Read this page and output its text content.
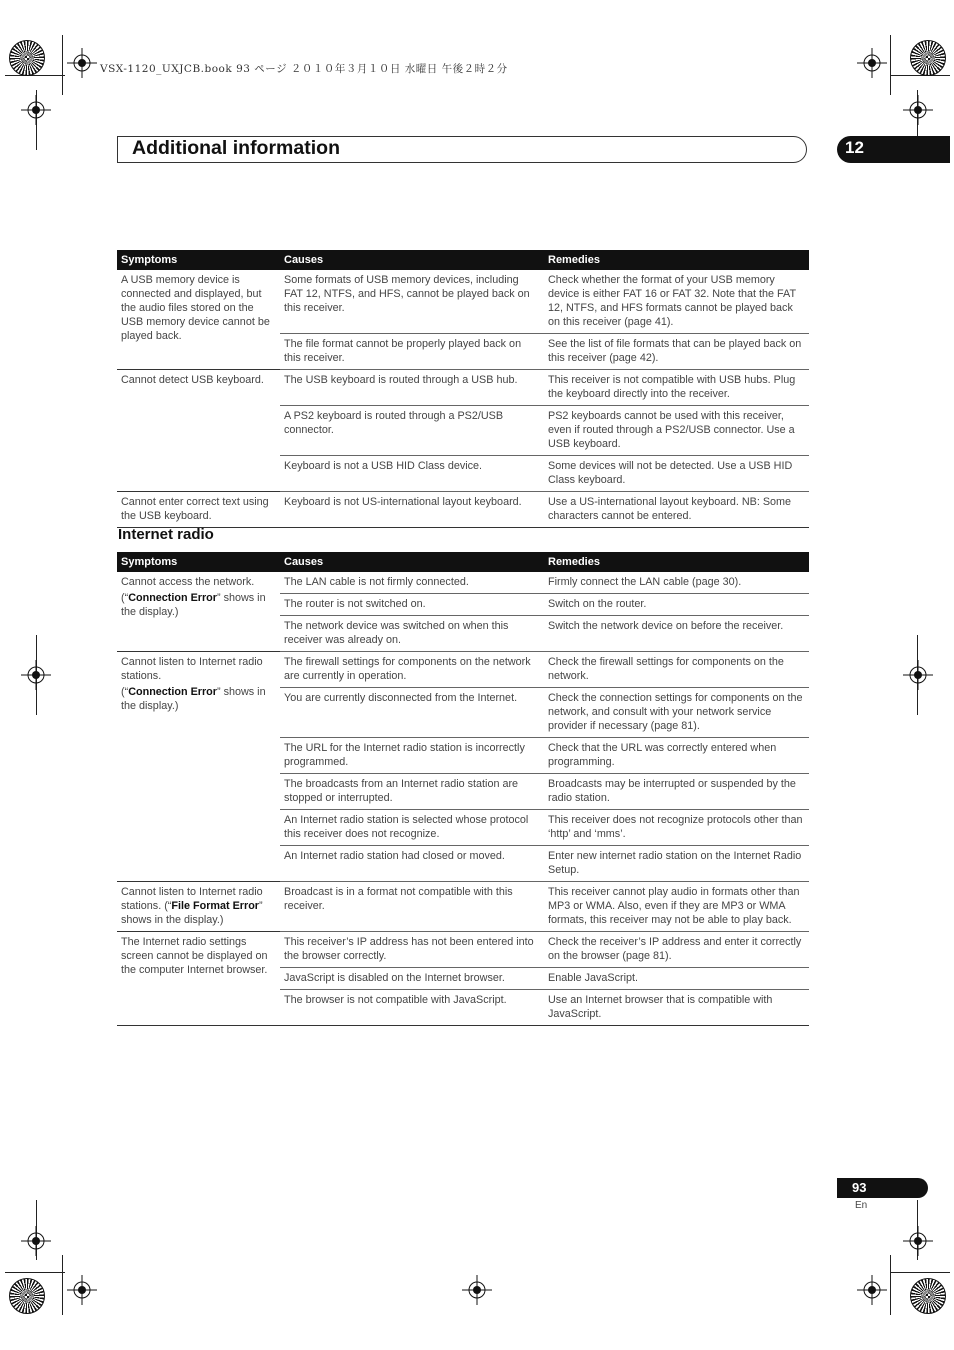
VSX-1120_UXJCB.book 93 ページ ２０１０年３月１０日 水曜日 午後２時２分
Additional information	12
Symptoms	Causes	Remedies
A USB memory device is connected and displayed, but the audio files stored on the USB memory device cannot be played back.	Some formats of USB memory devices, including FAT 12, NTFS, and HFS, cannot be played back on this receiver.	Check whether the format of your USB memory device is either FAT 16 or FAT 32. Note that the FAT 12, NTFS, and HFS formats cannot be played back on this receiver (page 41).
	The file format cannot be properly played back on this receiver.	See the list of file formats that can be played back on this receiver (page 42).
Cannot detect USB keyboard.	The USB keyboard is routed through a USB hub.	This receiver is not compatible with USB hubs. Plug the keyboard directly into the receiver.
	A PS2 keyboard is routed through a PS2/USB connector.	PS2 keyboards cannot be used with this receiver, even if routed through a PS2/USB connector. Use a USB keyboard.
	Keyboard is not a USB HID Class device.	Some devices will not be detected. Use a USB HID Class keyboard.
Cannot enter correct text using the USB keyboard.	Keyboard is not US-international layout keyboard.	Use a US-international layout keyboard. NB: Some characters cannot be entered.
Internet radio
Symptoms	Causes	Remedies

Cannot access the network.
(“Connection Error” shows in the display.)	The LAN cable is not firmly connected.	Firmly connect the LAN cable (page 30).
	The router is not switched on.	Switch on the router.
	The network device was switched on when this receiver was already on.	Switch the network device on before the receiver.

Cannot listen to Internet radio stations.
(“Connection Error” shows in the display.)	The firewall settings for components on the network are currently in operation.	Check the firewall settings for components on the network.
	You are currently disconnected from the Internet.	Check the connection settings for components on the network, and consult with your network service provider if necessary (page 81).
	The URL for the Internet radio station is incorrectly programmed.	Check that the URL was correctly entered when programming.
	The broadcasts from an Internet radio station are stopped or interrupted.	Broadcasts may be interrupted or suspended by the radio station.
	An Internet radio station is selected whose protocol this receiver does not recognize.	This receiver does not recognize protocols other than ‘http’ and ‘mms’.
	An Internet radio station had closed or moved.	Enter new internet radio station on the Internet Radio Setup.
Cannot listen to Internet radio stations. (“File Format Error” shows in the display.)	Broadcast is in a format not compatible with this receiver.	This receiver cannot play audio in formats other than MP3 or WMA. Also, even if they are MP3 or WMA formats, this receiver may not be able to play back.
The Internet radio settings screen cannot be displayed on the computer Internet browser.	This receiver’s IP address has not been entered into the browser correctly.	Check the receiver’s IP address and enter it correctly on the browser (page 81).
	JavaScript is disabled on the Internet browser.	Enable JavaScript.
	The browser is not compatible with JavaScript.	Use an Internet browser that is compatible with JavaScript.
93
En
